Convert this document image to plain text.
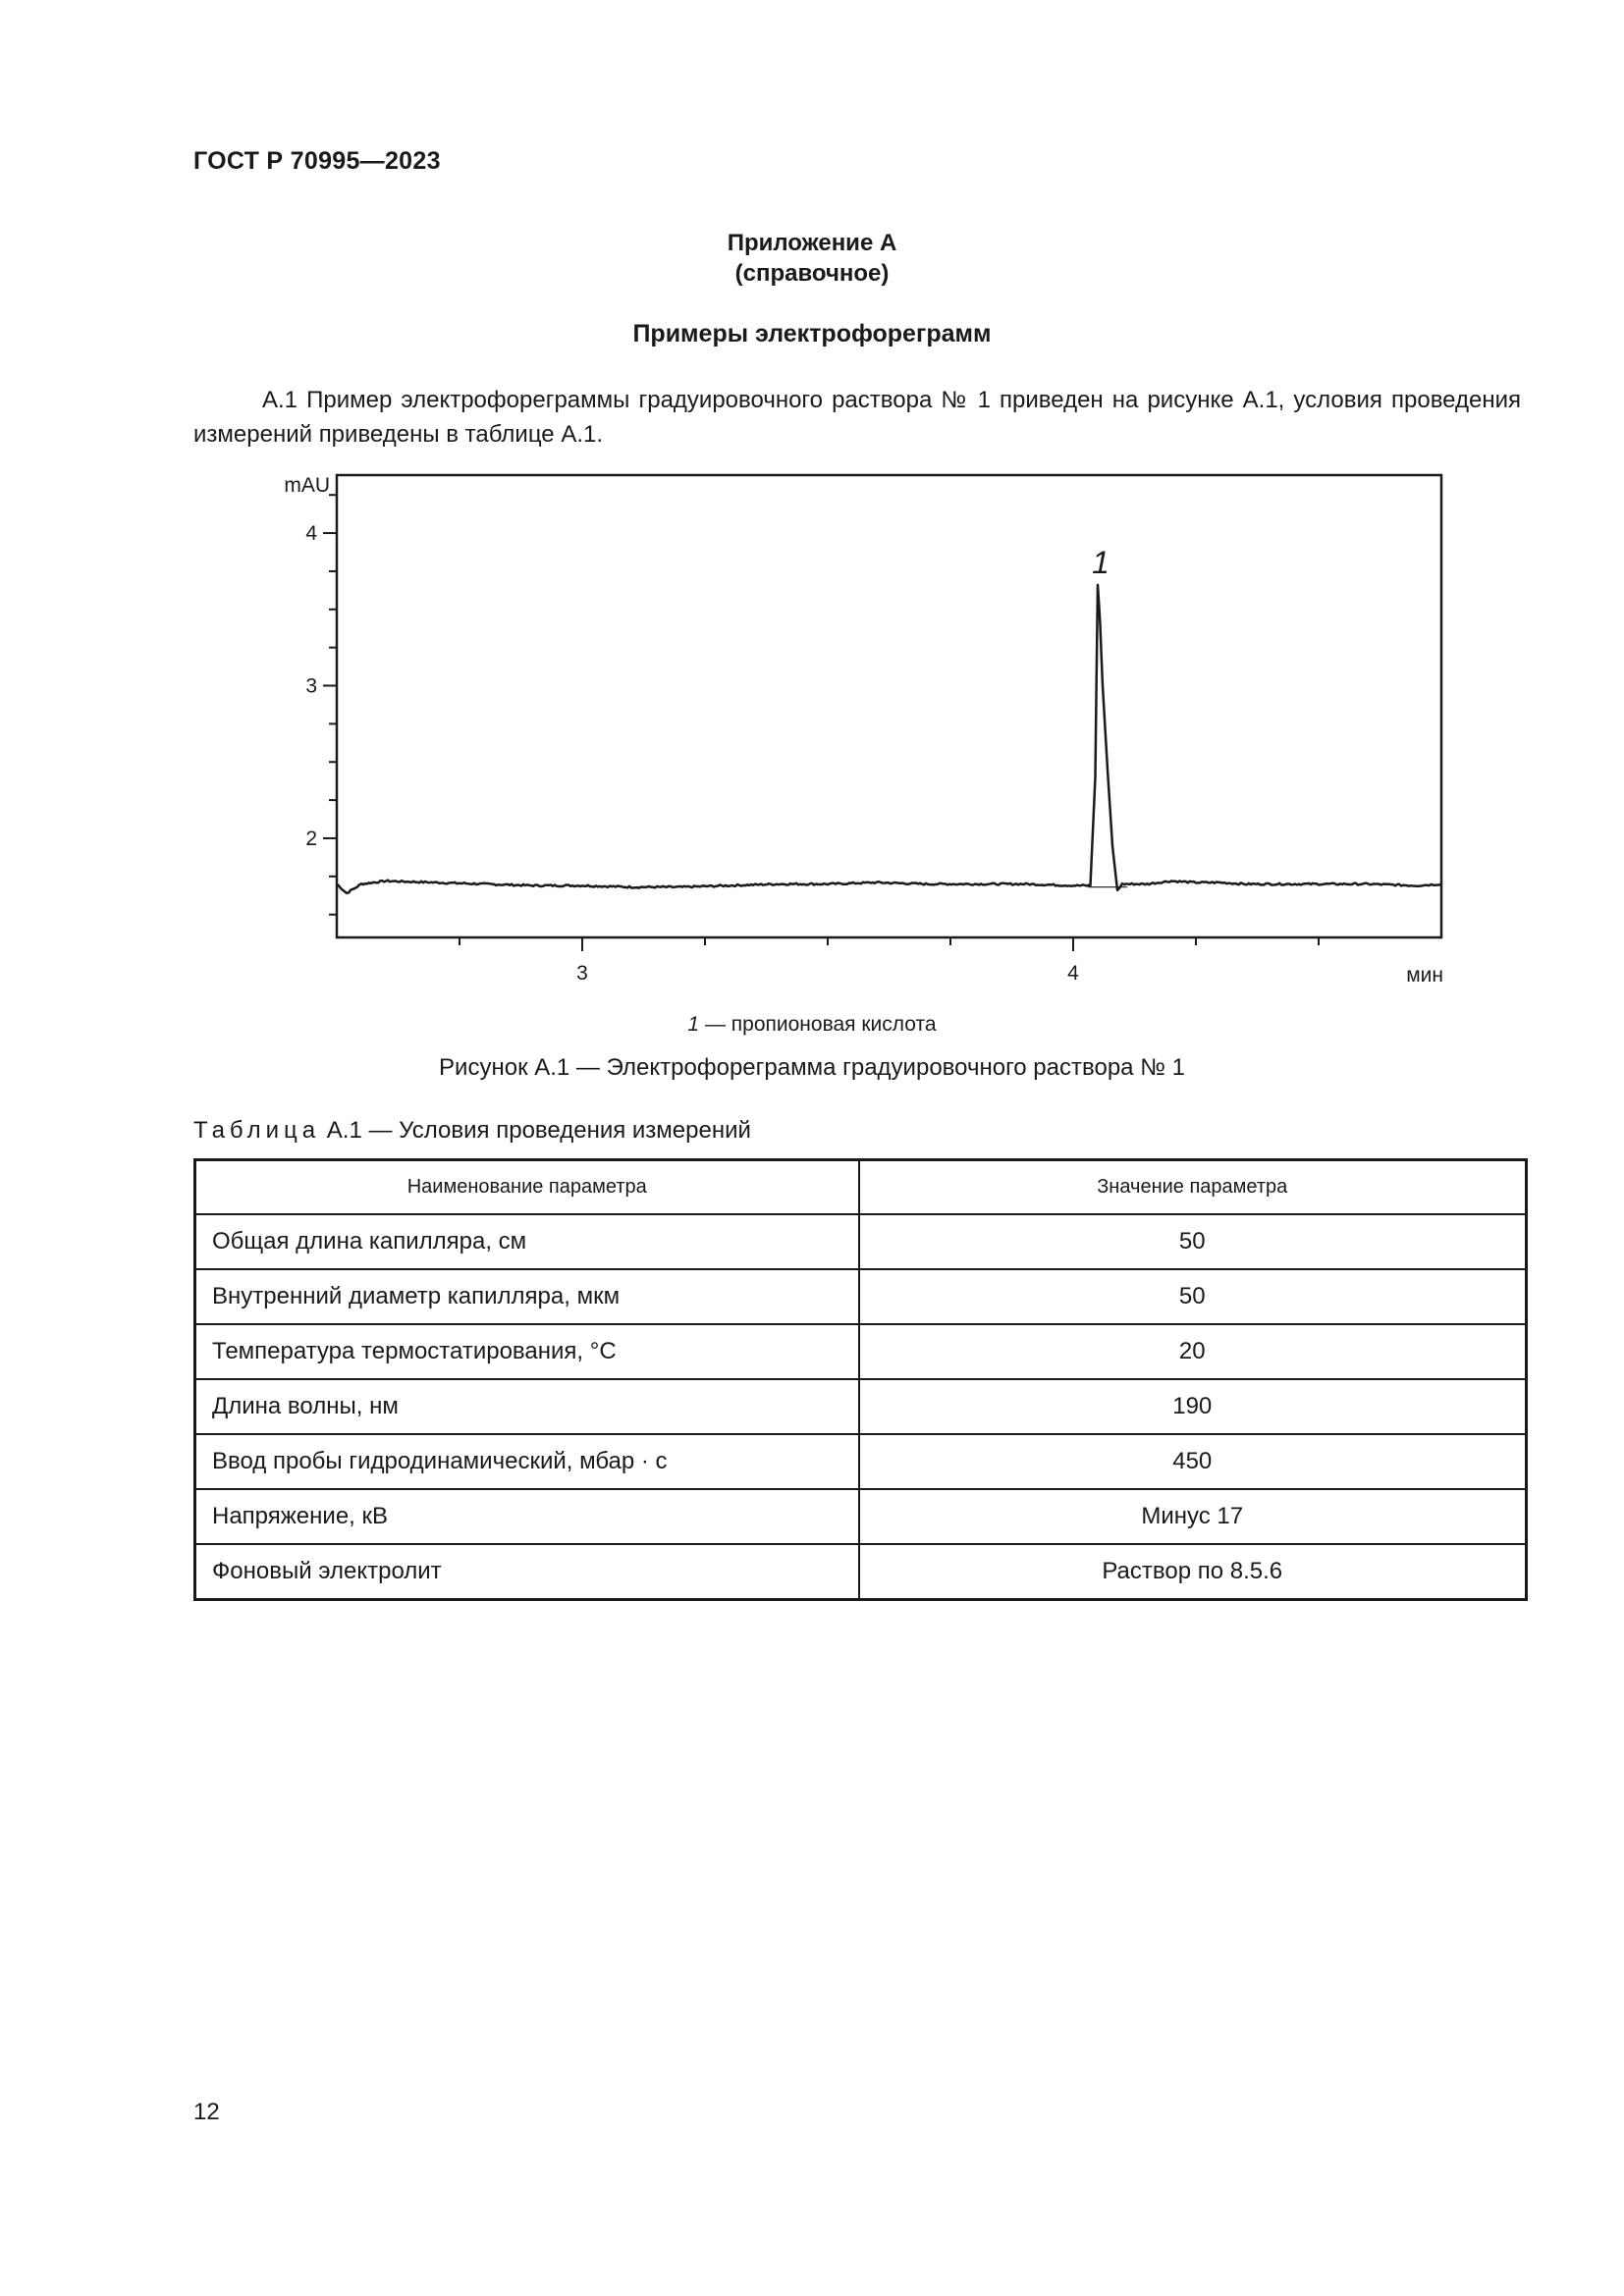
ГОСТ Р 70995—2023
Приложение А
(справочное)
Примеры электрофореграмм
А.1 Пример электрофореграммы градуировочного раствора № 1 приведен на рисунке А.1, условия проведения измерений приведены в таблице А.1.
mAU
мин
2
3
4
3	4
1
1 — пропионовая кислота
Рисунок А.1 — Электрофореграмма градуировочного раствора № 1
Таблица А.1 — Условия проведения измерений
Наименование параметра	Значение параметра
Общая длина капилляра, см	50
Внутренний диаметр капилляра, мкм	50
Температура термостатирования, °С	20
Длина волны, нм	190
Ввод пробы гидродинамический, мбар · с	450
Напряжение, кВ	Минус 17
Фоновый электролит	Раствор по 8.5.6
12
